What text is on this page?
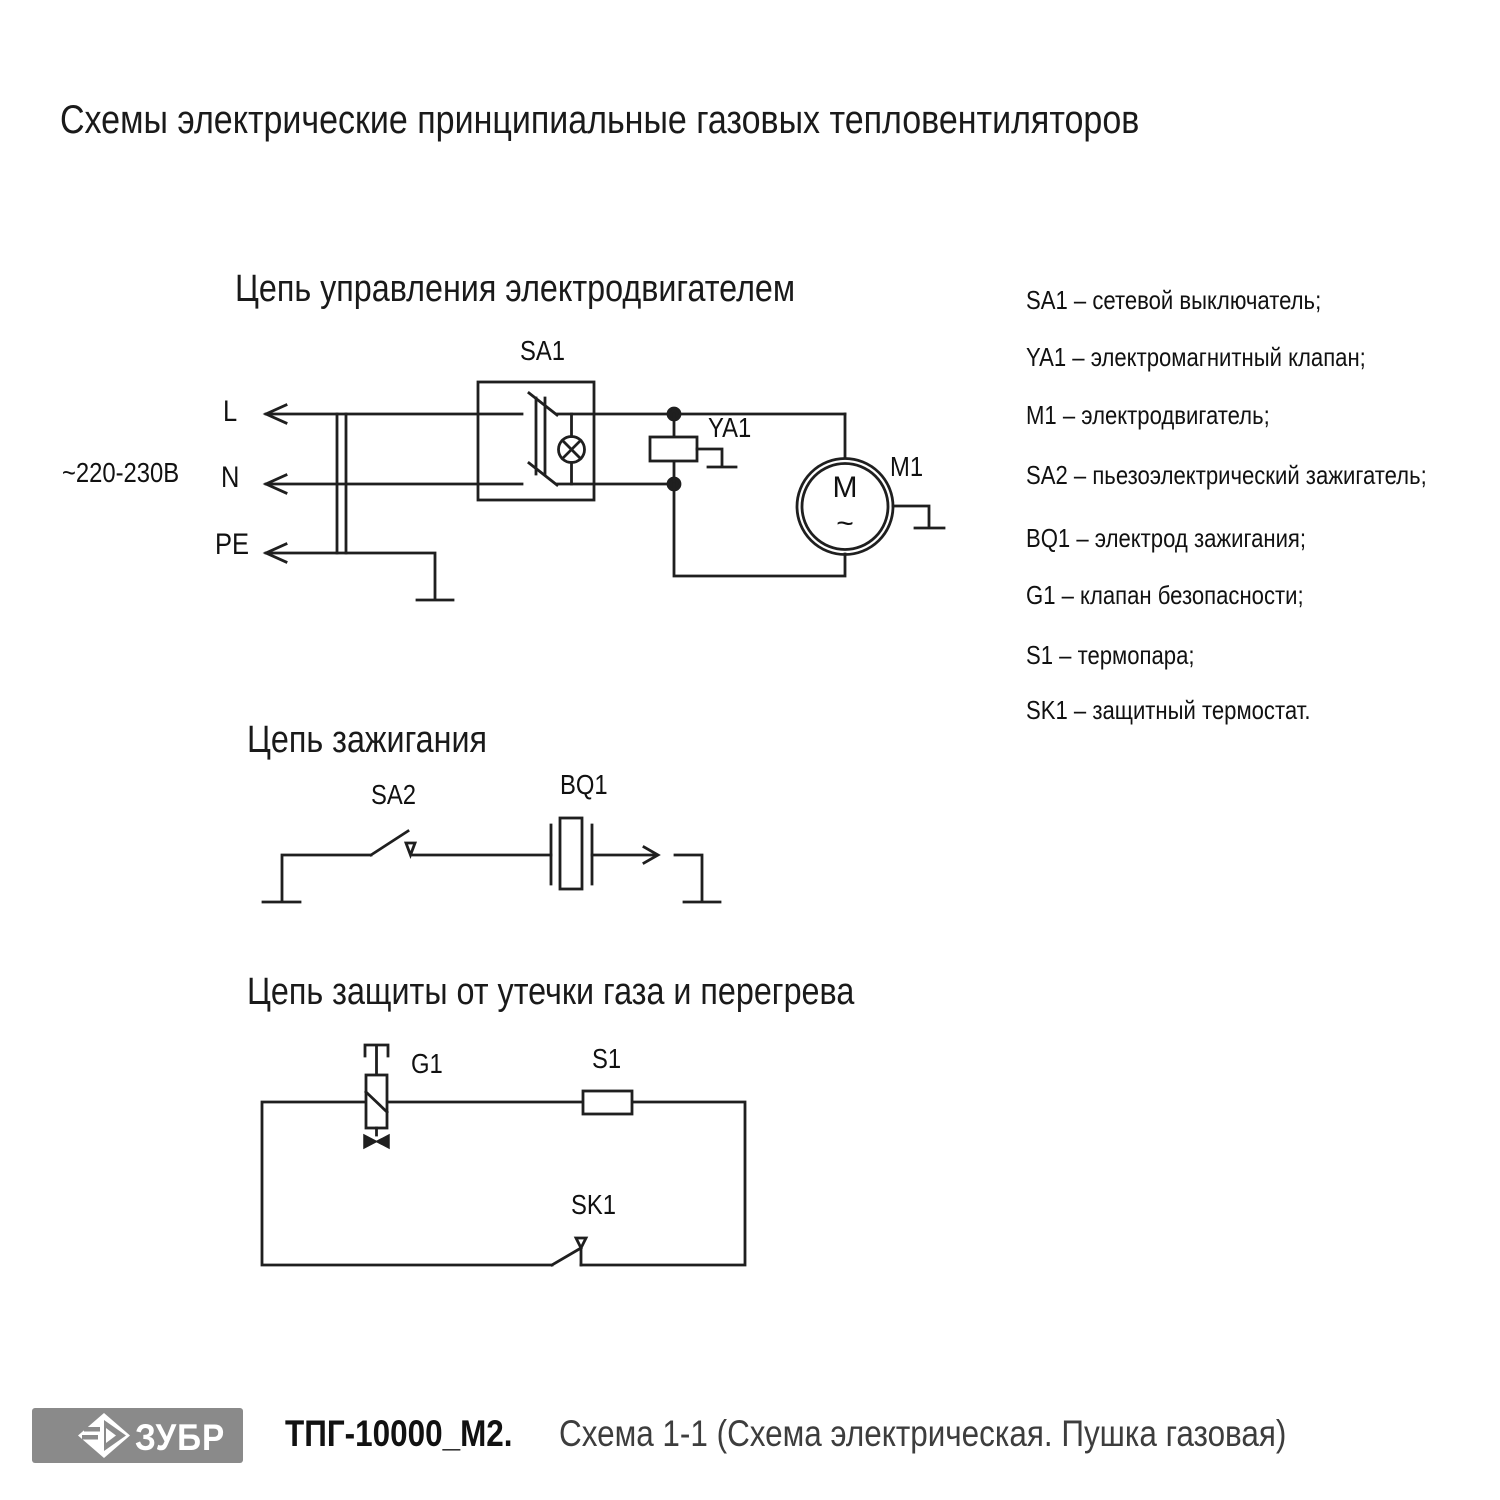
M
~
Схемы электрические принципиальные газовых тепловентиляторов
Цепь управления электродвигателем
SA1
YA1
M1
L
N
PE
~220-230В
Цепь зажигания
SA2	BQ1
Цепь защиты от утечки газа и перегрева
G1	S1
SK1
SA1 – сетевой выключатель;
YA1 – электромагнитный клапан;
M1 – электродвигатель;
SA2 – пьезоэлектрический зажигатель;
BQ1 – электрод зажигания;
G1 – клапан безопасности;
S1 – термопара;
SK1 – защитный термостат.
ЗУБР ТПГ-10000_М2. Схема 1-1 (Схема электрическая. Пушка газовая)
